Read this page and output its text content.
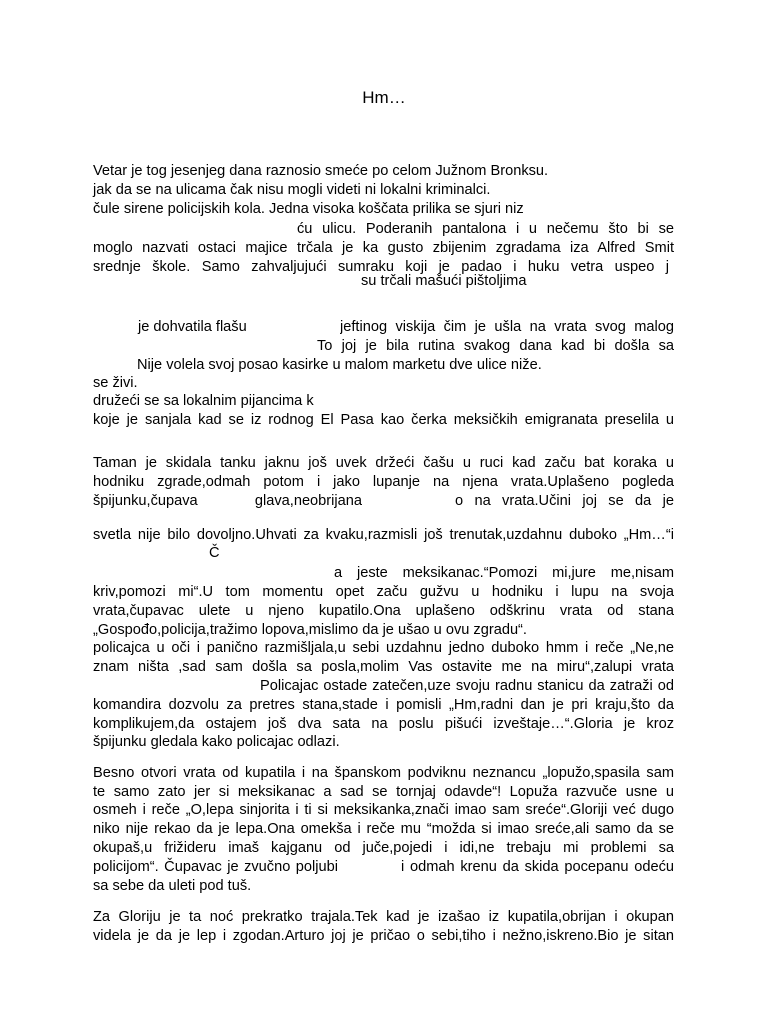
Hm…
Vetar je tog jesenjeg dana raznosio smeće po celom Južnom Bronksu.
jak da se na ulicama čak nisu mogli videti ni lokalni kriminalci.
čule sirene policijskih kola. Jedna visoka koščata prilika se sjuri niz
ću ulicu. Poderanih pantalona i u nečemu što bi se
moglo nazvati ostaci majice trčala je ka gusto zbijenim zgradama iza Alfred Smit
srednje škole. Samo zahvaljujući sumraku koji je padao i huku vetra uspeo j
su trčali mašući pištoljima
je dohvatila flašu	jeftinog viskija čim je ušla na vrata svog malog
To joj je bila rutina svakog dana kad bi došla sa
Nije volela svoj posao kasirke u malom marketu dve ulice niže.
se živi.
družeći se sa lokalnim pijancima k
koje je sanjala kad se iz rodnog El Pasa kao čerka meksičkih emigranata preselila u
Taman je skidala tanku jaknu još uvek držeći čašu u ruci kad začu bat koraka u
hodniku zgrade,odmah potom i jako lupanje na njena vrata.Uplašeno pogleda
špijunku,čupava glava,neobrijana	o na vrata.Učini joj se da je
svetla nije bilo dovoljno.Uhvati za kvaku,razmisli još trenutak,uzdahnu duboko „Hm…“i
Č
a jeste meksikanac.“Pomozi mi,jure me,nisam
kriv,pomozi mi“.U tom momentu opet začu gužvu u hodniku i lupu na svoja
vrata,čupavac ulete u njeno kupatilo.Ona uplašeno odškrinu vrata od stana
„Gospođo,policija,tražimo lopova,mislimo da je ušao u ovu zgradu“.
policajca u oči i panično razmišljala,u sebi uzdahnu jedno duboko hmm i reče „Ne,ne
znam ništa ,sad sam došla sa posla,molim Vas ostavite me na miru“,zalupi vrata
Policajac ostade zatečen,uze svoju radnu stanicu da zatraži od
komandira dozvolu za pretres stana,stade i pomisli „Hm,radni dan je pri kraju,što da
komplikujem,da ostajem još dva sata na poslu pišući izveštaje…“.Gloria je kroz
špijunku gledala kako policajac odlazi.
Besno otvori vrata od kupatila i na španskom podviknu neznancu „lopužo,spasila sam
te samo zato jer si meksikanac a sad se tornjaj odavde“! Lopuža razvuče usne u
osmeh i reče „O,lepa sinjorita i ti si meksikanka,znači imao sam sreće“.Gloriji već dugo
niko nije rekao da je lepa.Ona omekša i reče mu “možda si imao sreće,ali samo da se
okupaš,u frižideru imaš kajganu od juče,pojedi i idi,ne trebaju mi problemi sa
policijom“. Čupavac je zvučno poljubi	i odmah krenu da skida pocepanu odeću
sa sebe da uleti pod tuš.
Za Gloriju je ta noć prekratko trajala.Tek kad je izašao iz kupatila,obrijan i okupan
videla je da je lep i zgodan.Arturo joj je pričao o sebi,tiho i nežno,iskreno.Bio je sitan
